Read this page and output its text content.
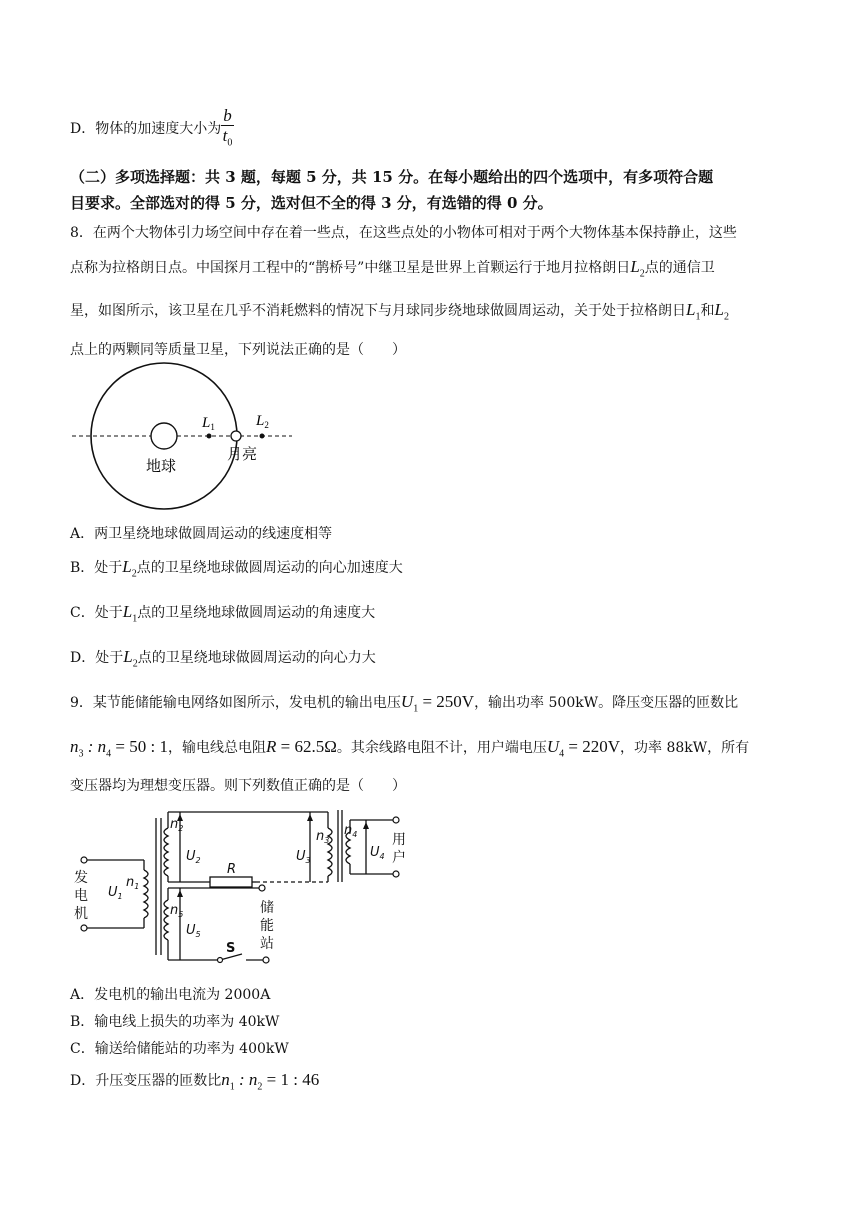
D．物体的加速度大小为 $\frac{b}{t_0}$
（二）多项选择题：共 3 题，每题 5 分，共 15 分。在每小题给出的四个选项中，有多项符合题
目要求。全部选对的得 5 分，选对但不全的得 3 分，有选错的得 0 分。
8．在两个大物体引力场空间中存在着一些点，在这些点处的小物体可相对于两个大物体基本保持静止，这些
点称为拉格朗日点。中国探月工程中的“鹊桥号”中继卫星是世界上首颗运行于地月拉格朗日$L_2$点的通信卫
星，如图所示，该卫星在几乎不消耗燃料的情况下与月球同步绕地球做圆周运动，关于处于拉格朗日$L_1$和$L_2$
点上的两颗同等质量卫星，下列说法正确的是（　　）
地球
月亮
$L_1$	$L_2$
A．两卫星绕地球做圆周运动的线速度相等
B．处于$L_2$点的卫星绕地球做圆周运动的向心加速度大
C．处于$L_1$点的卫星绕地球做圆周运动的角速度大
D．处于$L_2$点的卫星绕地球做圆周运动的向心力大
9．某节能储能输电网络如图所示，发电机的输出电压$U_1 = 250V$，输出功率 500kW。降压变压器的匝数比
$n_3$ : $n_4 = 50$ : 1，输电线总电阻R = 62.5Ω。其余线路电阻不计，用户端电压$U_4 = 220V$，功率 88kW，所有
变压器均为理想变压器。则下列数值正确的是（　　）
发
电
机
用
户
储
能
站
R
S
$U_1$
$n_1$
$n_2$
$U_2$	$U_3$
$n_3$
$n_4$
$U_4$
$n_5$
$U_5$
A．发电机的输出电流为 2000A
B．输电线上损失的功率为 40kW
C．输送给储能站的功率为 400kW
D．升压变压器的匝数比$n_1$ : $n_2 = 1$ : 46
